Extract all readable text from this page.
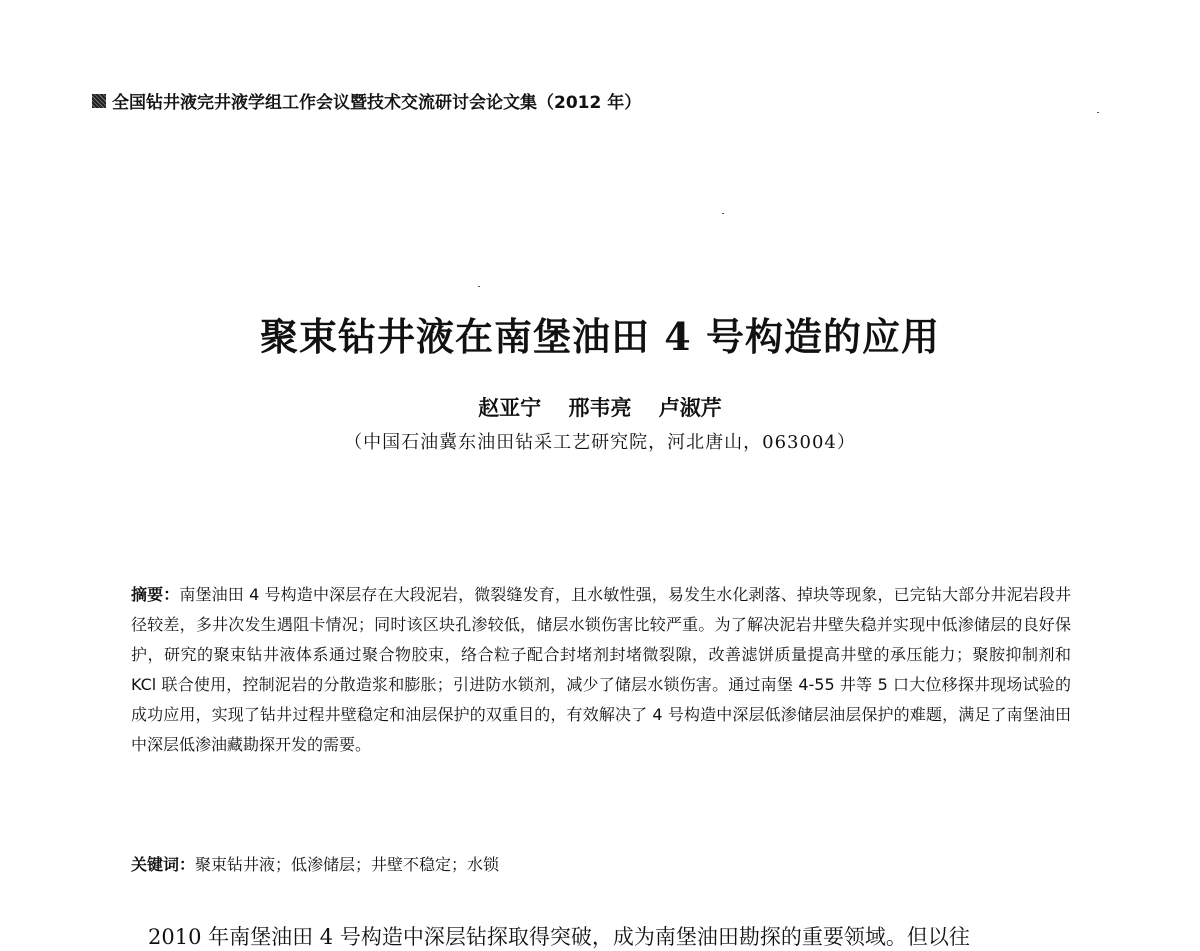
全国钻井液完井液学组工作会议暨技术交流研讨会论文集（2012 年）
聚束钻井液在南堡油田 4 号构造的应用
赵亚宁 邢韦亮 卢淑芹
（中国石油冀东油田钻采工艺研究院，河北唐山，063004）
摘要：南堡油田 4 号构造中深层存在大段泥岩，微裂缝发育，且水敏性强，易发生水化剥落、掉块等现象，已完钻大部分井泥岩段井径较差，多井次发生遇阻卡情况；同时该区块孔渗较低，储层水锁伤害比较严重。为了解决泥岩井壁失稳并实现中低渗储层的良好保护，研究的聚束钻井液体系通过聚合物胶束，络合粒子配合封堵剂封堵微裂隙，改善滤饼质量提高井壁的承压能力；聚胺抑制剂和 KCl 联合使用，控制泥岩的分散造浆和膨胀；引进防水锁剂，减少了储层水锁伤害。通过南堡 4-55 井等 5 口大位移探井现场试验的成功应用，实现了钻井过程井壁稳定和油层保护的双重目的，有效解决了 4 号构造中深层低渗储层油层保护的难题，满足了南堡油田中深层低渗油藏勘探开发的需要。
关键词：聚束钻井液；低渗储层；井壁不稳定；水锁
2010 年南堡油田 4 号构造中深层钻探取得突破，成为南堡油田勘探的重要领域。但以往
